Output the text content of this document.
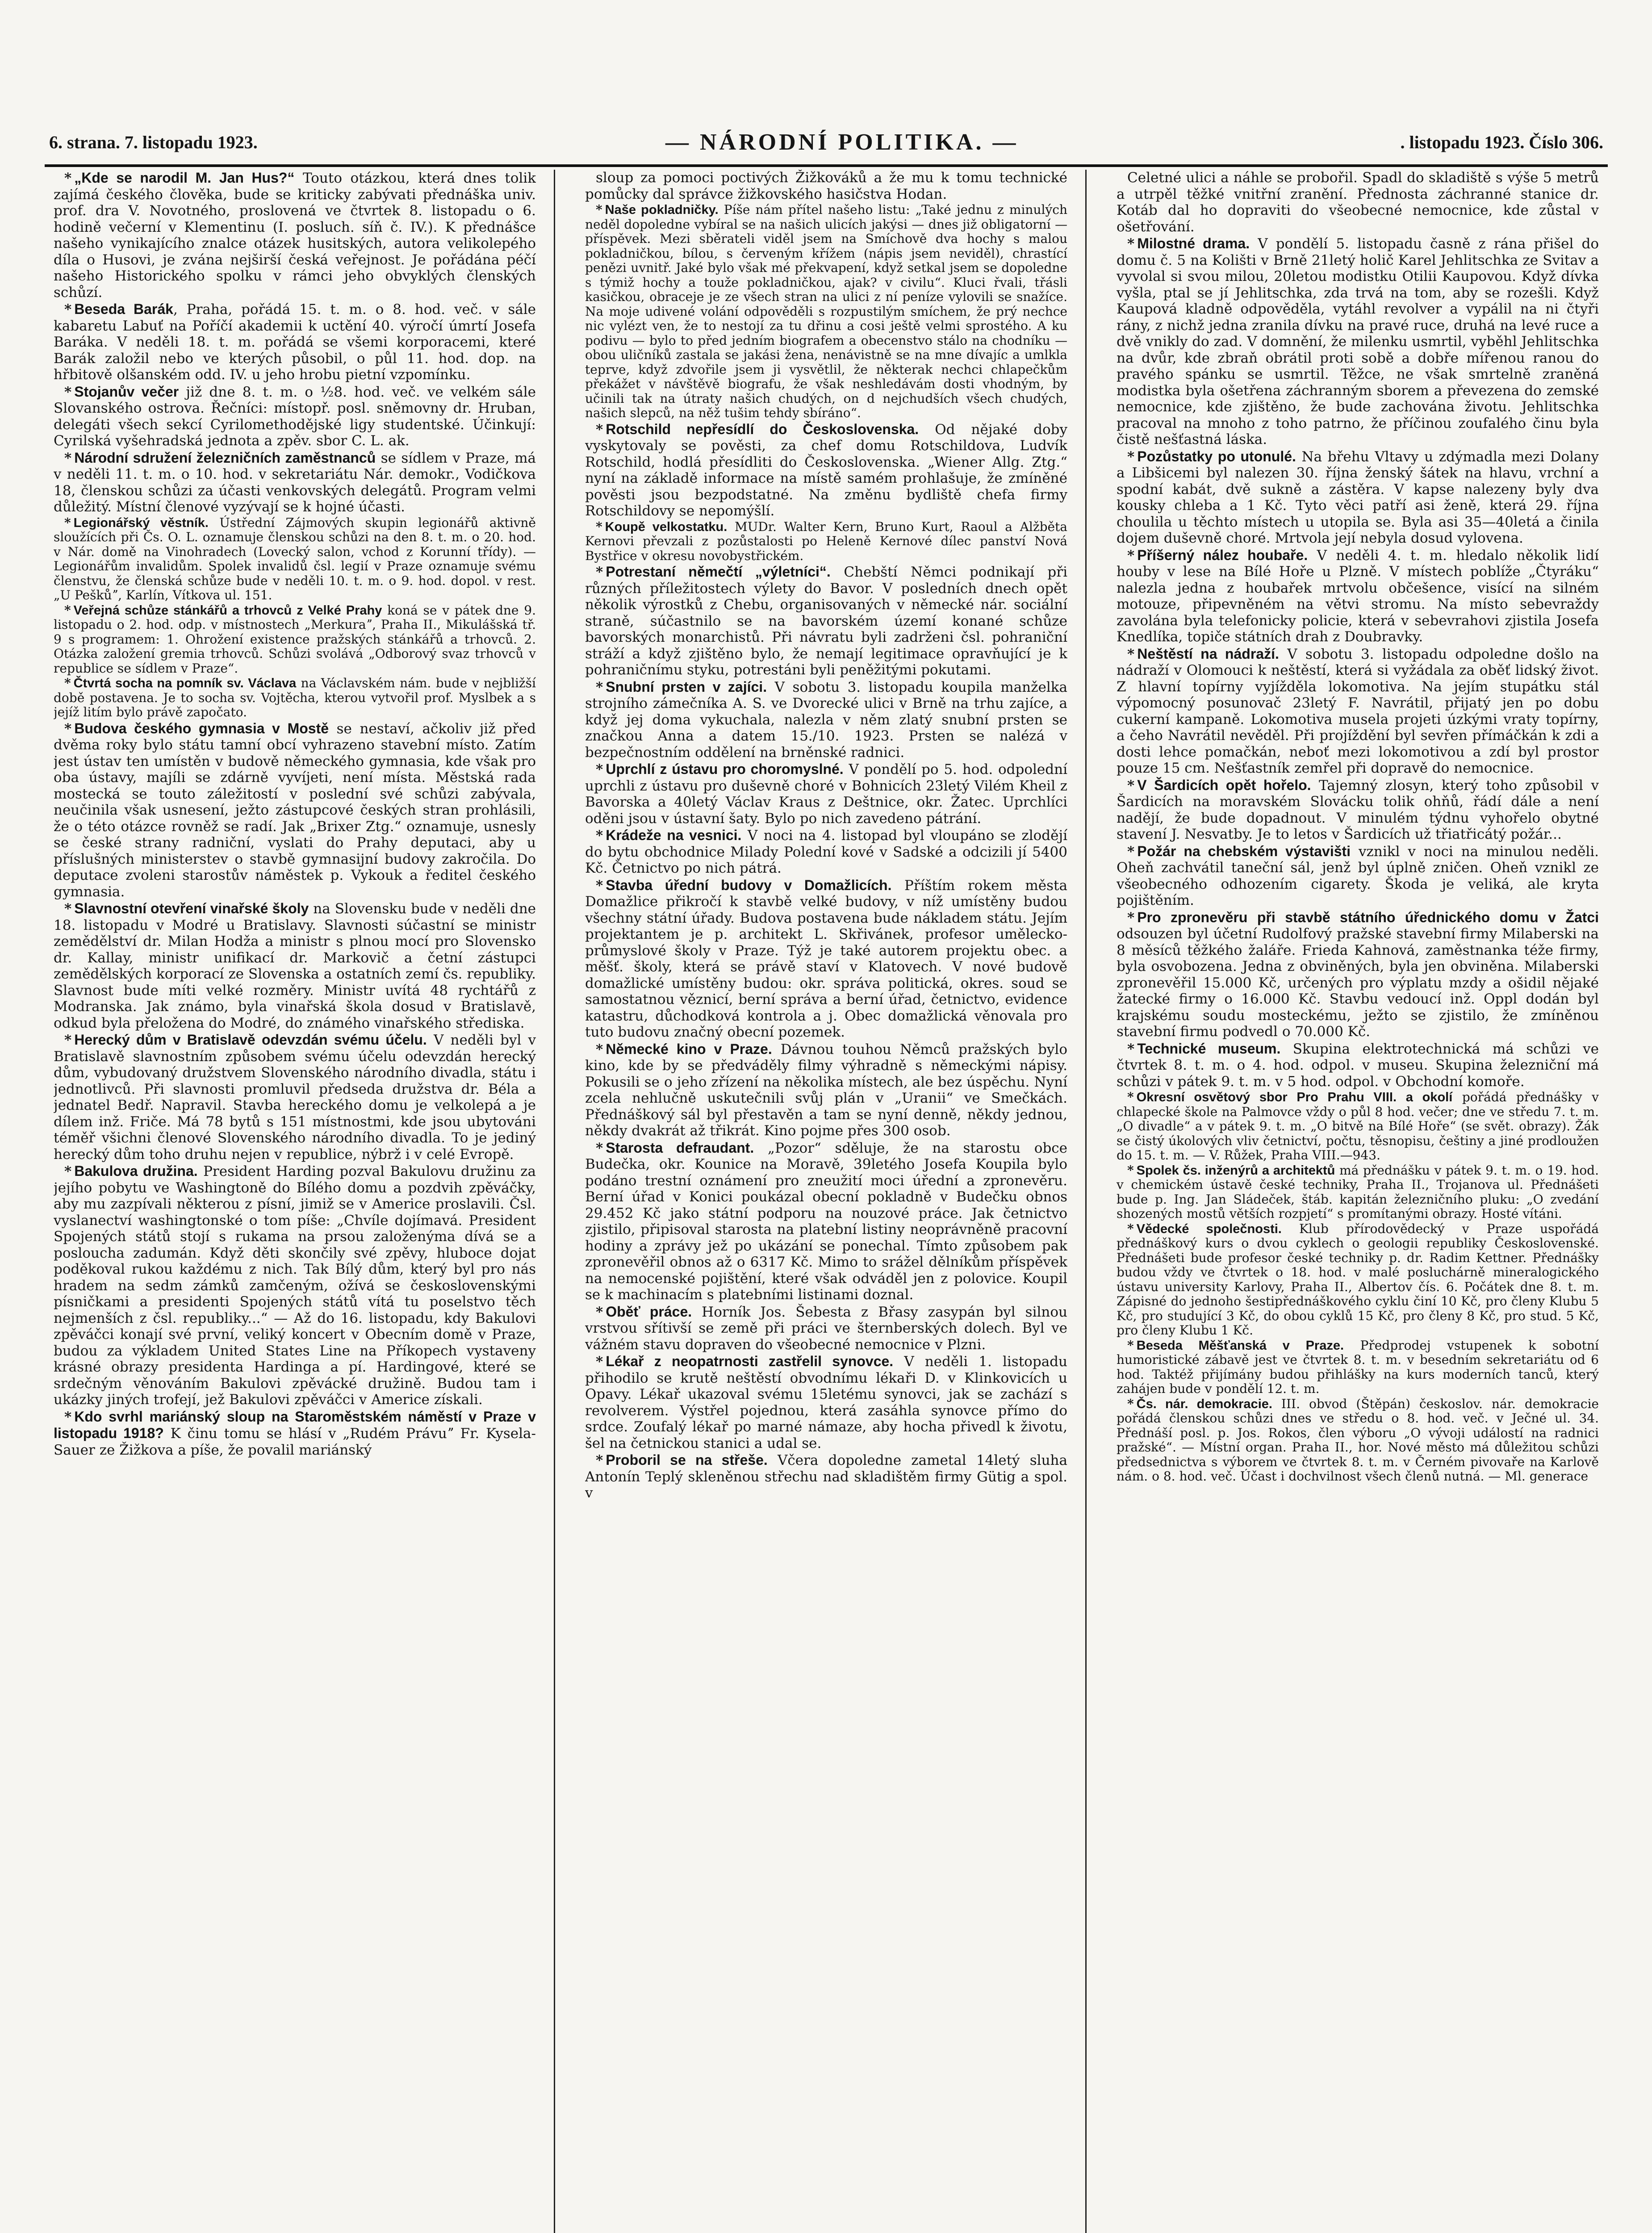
6. strana. 7. listopadu 1923.	— NÁRODNÍ POLITIKA. —	. listopadu 1923. Číslo 306.

* „Kde se narodil M. Jan Hus?“ Touto otázkou, která dnes tolik zajímá českého člověka, bude se kriticky zabývati přednáška univ. prof. dra V. Novotného, proslovená ve čtvrtek 8. listopadu o 6. hodině večerní v Klementinu (I. posluch. síň č. IV.). K přednášce našeho vynikajícího znalce otázek husitských, autora velikolepého díla o Husovi, je zvána nejširší česká veřejnost. Je pořádána péčí našeho Historického spolku v rámci jeho obvyklých členských schůzí.

* Beseda Barák, Praha, pořádá 15. t. m. o 8. hod. več. v sále kabaretu Labuť na Poříčí akademii k uctění 40. výročí úmrtí Josefa Baráka. V neděli 18. t. m. pořádá se všemi korporacemi, které Barák založil nebo ve kterých působil, o půl 11. hod. dop. na hřbitově olšanském odd. IV. u jeho hrobu pietní vzpomínku.

* Stojanův večer již dne 8. t. m. o ½8. hod. več. ve velkém sále Slovanského ostrova. Řečníci: místopř. posl. sněmovny dr. Hruban, delegáti všech sekcí Cyrilomethodějské ligy studentské. Účinkují: Cyrilská vyšehradská jednota a zpěv. sbor C. L. ak.

* Národní sdružení železničních zaměstnanců se sídlem v Praze, má v neděli 11. t. m. o 10. hod. v sekretariátu Nár. demokr., Vodičkova 18, členskou schůzi za účasti venkovských delegátů. Program velmi důležitý. Místní členové vyzývají se k hojné účasti.

* Legionářský věstník. Ústřední Zájmových skupin legionářů aktivně sloužících při Čs. O. L. oznamuje členskou schůzi na den 8. t. m. o 20. hod. v Nár. domě na Vinohradech (Lovecký salon, vchod z Korunní třídy). — Legionářům invalidům. Spolek invalidů čsl. legií v Praze oznamuje svému členstvu, že členská schůze bude v neděli 10. t. m. o 9. hod. dopol. v rest. „U Peškůˮ, Karlín, Vítkova ul. 151.

* Veřejná schůze stánkářů a trhovců z Velké Prahy koná se v pátek dne 9. listopadu o 2. hod. odp. v místnostech „Merkuraˮ, Praha II., Mikulášská tř. 9 s programem: 1. Ohrožení existence pražských stánkářů a trhovců. 2. Otázka založení gremia trhovců. Schůzi svolává „Odborový svaz trhovců v republice se sídlem v Praze“.

* Čtvrtá socha na pomník sv. Václava na Václavském nám. bude v nejbližší době postavena. Je to socha sv. Vojtěcha, kterou vytvořil prof. Myslbek a s jejíž litím bylo právě započato.

* Budova českého gymnasia v Mostě se nestaví, ačkoliv již před dvěma roky bylo státu tamní obcí vyhrazeno stavební místo. Zatím jest ústav ten umístěn v budově německého gymnasia, kde však pro oba ústavy, majíli se zdárně vyvíjeti, není místa. Městská rada mostecká se touto záležitostí v poslední své schůzi zabývala, neučinila však usnesení, ježto zástupcové českých stran prohlásili, že o této otázce rovněž se radí. Jak „Brixer Ztg.“ oznamuje, usnesly se české strany radniční, vyslati do Prahy deputaci, aby u příslušných ministerstev o stavbě gymnasijní budovy zakročila. Do deputace zvoleni starostův náměstek p. Vykouk a ředitel českého gymnasia.

* Slavnostní otevření vinařské školy na Slovensku bude v neděli dne 18. listopadu v Modré u Bratislavy. Slavnosti súčastní se ministr zemědělství dr. Milan Hodža a ministr s plnou mocí pro Slovensko dr. Kallay, ministr unifikací dr. Markovič a četní zástupci zemědělských korporací ze Slovenska a ostatních zemí čs. republiky. Slavnost bude míti velké rozměry. Ministr uvítá 48 rychtářů z Modranska. Jak známo, byla vinařská škola dosud v Bratislavě, odkud byla přeložena do Modré, do známého vinařského střediska.

* Herecký dům v Bratislavě odevzdán svému účelu. V neděli byl v Bratislavě slavnostním způsobem svému účelu odevzdán herecký dům, vybudovaný družstvem Slovenského národního divadla, státu i jednotlivců. Při slavnosti promluvil předseda družstva dr. Béla a jednatel Bedř. Napravil. Stavba hereckého domu je velkolepá a je dílem inž. Friče. Má 78 bytů s 151 místnostmi, kde jsou ubytováni téměř všichni členové Slovenského národního divadla. To je jediný herecký dům toho druhu nejen v republice, nýbrž i v celé Evropě.

* Bakulova družina. President Harding pozval Bakulovu družinu za jejího pobytu ve Washingtoně do Bílého domu a pozdvih zpěváčky, aby mu zazpívali některou z písní, jimiž se v Americe proslavili. Čsl. vyslanectví washingtonské o tom píše: „Chvíle dojímavá. President Spojených států stojí s rukama na prsou založenýma dívá se a posloucha zadumán. Když děti skončily své zpěvy, hluboce dojat poděkoval rukou každému z nich. Tak Bílý dům, který byl pro nás hradem na sedm zámků zamčeným, ožívá se československými písničkami a presidenti Spojených států vítá tu poselstvo těch nejmenších z čsl. republiky...“ — Až do 16. listopadu, kdy Bakulovi zpěváčci konají své první, veliký koncert v Obecním domě v Praze, budou za výkladem United States Line na Příkopech vystaveny krásné obrazy presidenta Hardinga a pí. Hardingové, které se srdečným věnováním Bakulovi zpěvácké družině. Budou tam i ukázky jiných trofejí, jež Bakulovi zpěváčci v Americe získali.

* Kdo svrhl mariánský sloup na Staroměstském náměstí v Praze v listopadu 1918? K činu tomu se hlásí v „Rudém Právuˮ Fr. Kysela-Sauer ze Žižkova a píše, že povalil mariánský

sloup za pomoci poctivých Žižkováků a že mu k tomu technické pomůcky dal správce žižkovského hasičstva Hodan.

* Naše pokladničky. Píše nám přítel našeho listu: „Také jednu z minulých neděl dopoledne vybíral se na našich ulicích jakýsi — dnes již obligatorní — příspěvek. Mezi sběrateli viděl jsem na Smíchově dva hochy s malou pokladničkou, bílou, s červeným křížem (nápis jsem neviděl), chrastící penězi uvnitř. Jaké bylo však mé překvapení, když setkal jsem se dopoledne s týmiž hochy a touže pokladničkou, ajak? v civilu“. Kluci řvali, třásli kasičkou, obraceje je ze všech stran na ulici z ní peníze vylovili se snažíce. Na moje udivené volání odpověděli s rozpustilým smíchem, že prý nechce nic vylézt ven, že to nestojí za tu dřinu a cosi ještě velmi sprostého. A ku podivu — bylo to před jedním biografem a obecenstvo stálo na chodníku — obou uličníků zastala se jakási žena, nenávistně se na mne dívajíc a umlkla teprve, když zdvořile jsem ji vysvětlil, že některak nechci chlapečkům překážet v návštěvě biografu, že však neshledávám dosti vhodným, by učinili tak na útraty našich chudých, on d nejchudších všech chudých, našich slepců, na něž tušim tehdy sbíráno“.

* Rotschild nepřesídlí do Československa. Od nějaké doby vyskytovaly se pověsti, za chef domu Rotschildova, Ludvík Rotschild, hodlá přesídliti do Československa. „Wiener Allg. Ztg.“ nyní na základě informace na místě samém prohlašuje, že zmíněné pověsti jsou bezpodstatné. Na změnu bydliště chefa firmy Rotschildovy se nepomýšlí.

* Koupě velkostatku. MUDr. Walter Kern, Bruno Kurt, Raoul a Alžběta Kernovi převzali z pozůstalosti po Heleně Kernové dílec panství Nová Bystřice v okresu novobystřickém.

* Potrestaní němečtí „výletníci“. Chebští Němci podnikají při různých příležitostech výlety do Bavor. V posledních dnech opět několik výrostků z Chebu, organisovaných v německé nár. sociální straně, súčastnilo se na bavorském území konané schůze bavorských monarchistů. Při návratu byli zadrženi čsl. pohraniční stráží a když zjištěno bylo, že nemají legitimace opravňující je k pohraničnímu styku, potrestáni byli peněžitými pokutami.

* Snubní prsten v zajíci. V sobotu 3. listopadu koupila manželka strojního zámečníka A. S. ve Dvorecké ulici v Brně na trhu zajíce, a když jej doma vykuchala, nalezla v něm zlatý snubní prsten se značkou Anna a datem 15./10. 1923. Prsten se nalézá v bezpečnostním oddělení na brněnské radnici.

* Uprchlí z ústavu pro choromyslné. V pondělí po 5. hod. odpolední uprchli z ústavu pro duševně choré v Bohnicích 23letý Vilém Kheil z Bavorska a 40letý Václav Kraus z Deštnice, okr. Žatec. Uprchlíci oděni jsou v ústavní šaty. Bylo po nich zavedeno pátrání.

* Krádeže na vesnici. V noci na 4. listopad byl vloupáno se zlodějí do bytu obchodnice Milady Polední kové v Sadské a odcizili jí 5400 Kč. Četnictvo po nich pátrá.

* Stavba úřední budovy v Domažlicích. Příštím rokem města Domažlice přikročí k stavbě velké budovy, v níž umístěny budou všechny státní úřady. Budova postavena bude nákladem státu. Jejím projektantem je p. architekt L. Skřivánek, profesor umělecko-průmyslové školy v Praze. Týž je také autorem projektu obec. a měšť. školy, která se právě staví v Klatovech. V nové budově domažlické umístěny budou: okr. správa politická, okres. soud se samostatnou věznicí, berní správa a berní úřad, četnictvo, evidence katastru, důchodková kontrola a j. Obec domažlická věnovala pro tuto budovu značný obecní pozemek.

* Německé kino v Praze. Dávnou touhou Němců pražských bylo kino, kde by se předváděly filmy výhradně s německými nápisy. Pokusili se o jeho zřízení na několika místech, ale bez úspěchu. Nyní zcela nehlučně uskutečnili svůj plán v „Uranii“ ve Smečkách. Přednáškový sál byl přestavěn a tam se nyní denně, někdy jednou, někdy dvakrát až třikrát. Kino pojme přes 300 osob.

* Starosta defraudant. „Pozor“ sděluje, že na starostu obce Budečka, okr. Kounice na Moravě, 39letého Josefa Koupila bylo podáno trestní oznámení pro zneužití moci úřední a zpronevěru. Berní úřad v Konici poukázal obecní pokladně v Budečku obnos 29.452 Kč jako státní podporu na nouzové práce. Jak četnictvo zjistilo, připisoval starosta na platební listiny neoprávněně pracovní hodiny a zprávy jež po ukázání se ponechal. Tímto způsobem pak zpronevěřil obnos až o 6317 Kč. Mimo to srážel dělníkům příspěvek na nemocenské pojištění, které však odváděl jen z polovice. Koupil se k machinacím s platebními listinami doznal.

* Oběť práce. Horník Jos. Šebesta z Břasy zasypán byl silnou vrstvou sřítivší se země při práci ve šternberských dolech. Byl ve vážném stavu dopraven do všeobecné nemocnice v Plzni.

* Lékař z neopatrnosti zastřelil synovce. V neděli 1. listopadu přihodilo se krutě neštěstí obvodnímu lékaři D. v Klinkovicích u Opavy. Lékař ukazoval svému 15letému synovci, jak se zachází s revolverem. Výstřel pojednou, která zasáhla synovce přímo do srdce. Zoufalý lékař po marné námaze, aby hocha přivedl k životu, šel na četnickou stanici a udal se.

* Proboril se na střeše. Včera dopoledne zametal 14letý sluha Antonín Teplý skleněnou střechu nad skladištěm firmy Gütig a spol. v

Celetné ulici a náhle se probořil. Spadl do skladiště s výše 5 metrů a utrpěl těžké vnitřní zranění. Přednosta záchranné stanice dr. Kotáb dal ho dopraviti do všeobecné nemocnice, kde zůstal v ošetřování.

* Milostné drama. V pondělí 5. listopadu časně z rána přišel do domu č. 5 na Kolišti v Brně 21letý holič Karel Jehlitschka ze Svitav a vyvolal si svou milou, 20letou modistku Otilii Kaupovou. Když dívka vyšla, ptal se jí Jehlitschka, zda trvá na tom, aby se rozešli. Když Kaupová kladně odpověděla, vytáhl revolver a vypálil na ni čtyři rány, z nichž jedna zranila dívku na pravé ruce, druhá na levé ruce a dvě vnikly do zad. V domnění, že milenku usmrtil, vyběhl Jehlitschka na dvůr, kde zbraň obrátil proti sobě a dobře mířenou ranou do pravého spánku se usmrtil. Těžce, ne však smrtelně zraněná modistka byla ošetřena záchranným sborem a převezena do zemské nemocnice, kde zjištěno, že bude zachována životu. Jehlitschka pracoval na mnoho z toho patrno, že příčinou zoufalého činu byla čistě nešťastná láska.

* Pozůstatky po utonulé. Na břehu Vltavy u zdýmadla mezi Dolany a Libšicemi byl nalezen 30. října ženský šátek na hlavu, vrchní a spodní kabát, dvě sukně a zástěra. V kapse nalezeny byly dva kousky chleba a 1 Kč. Tyto věci patří asi ženě, která 29. října choulila u těchto místech u utopila se. Byla asi 35—40letá a činila dojem duševně choré. Mrtvola její nebyla dosud vylovena.

* Příšerný nález houbaře. V neděli 4. t. m. hledalo několik lidí houby v lese na Bílé Hoře u Plzně. V místech poblíže „Čtyráku“ nalezla jedna z houbařek mrtvolu občešence, visící na silném motouze, připevněném na větvi stromu. Na místo sebevraždy zavolána byla telefonicky policie, která v sebevrahovi zjistila Josefa Knedlíka, topiče státních drah z Doubravky.

* Neštěstí na nádraží. V sobotu 3. listopadu odpoledne došlo na nádraží v Olomouci k neštěstí, která si vyžádala za oběť lidský život. Z hlavní topírny vyjížděla lokomotiva. Na jejím stupátku stál výpomocný posunovač 23letý F. Navrátil, přijatý jen po dobu cukerní kampaně. Lokomotiva musela projeti úzkými vraty topírny, a čeho Navrátil nevěděl. Při projíždění byl sevřen přímáčkán k zdi a dosti lehce pomačkán, neboť mezi lokomotivou a zdí byl prostor pouze 15 cm. Nešťastník zemřel při dopravě do nemocnice.

* V Šardicích opět hořelo. Tajemný zlosyn, který toho způsobil v Šardicích na moravském Slovácku tolik ohňů, řádí dále a není nadějí, že bude dopadnout. V minulém týdnu vyhořelo obytné stavení J. Nesvatby. Je to letos v Šardicích už třiatřicátý požár...

* Požár na chebském výstavišti vznikl v noci na minulou neděli. Oheň zachvátil taneční sál, jenž byl úplně zničen. Oheň vznikl ze všeobecného odhozením cigarety. Škoda je veliká, ale kryta pojištěním.

* Pro zpronevěru při stavbě státního úřednického domu v Žatci odsouzen byl účetní Rudolfový pražské stavební firmy Milaberski na 8 měsíců těžkého žaláře. Frieda Kahnová, zaměstnanka téže firmy, byla osvobozena. Jedna z obviněných, byla jen obviněna. Milaberski zpronevěřil 15.000 Kč, určených pro výplatu mzdy a ošidil nějaké žatecké firmy o 16.000 Kč. Stavbu vedoucí inž. Oppl dodán byl krajskému soudu mosteckému, ježto se zjistilo, že zmíněnou stavební firmu podvedl o 70.000 Kč.

* Technické museum. Skupina elektrotechnická má schůzi ve čtvrtek 8. t. m. o 4. hod. odpol. v museu. Skupina železniční má schůzi v pátek 9. t. m. v 5 hod. odpol. v Obchodní komoře.

* Okresní osvětový sbor Pro Prahu VIII. a okolí pořádá přednášky v chlapecké škole na Palmovce vždy o půl 8 hod. večer; dne ve středu 7. t. m. „O divadle“ a v pátek 9. t. m. „O bitvě na Bílé Hoře“ (se svět. obrazy). Žák se čistý úkolových vliv četnictví, počtu, těsnopisu, češtiny a jiné prodloužen do 15. t. m. — V. Růžek, Praha VIII.—943.

* Spolek čs. inženýrů a architektů má přednášku v pátek 9. t. m. o 19. hod. v chemickém ústavě české techniky, Praha II., Trojanova ul. Přednášeti bude p. Ing. Jan Sládeček, štáb. kapitán železničního pluku: „O zvedání shozených mostů větších rozpjetí“ s promítanými obrazy. Hosté vítáni.

* Vědecké společnosti. Klub přírodovědecký v Praze uspořádá přednáškový kurs o dvou cyklech o geologii republiky Československé. Přednášeti bude profesor české techniky p. dr. Radim Kettner. Přednášky budou vždy ve čtvrtek o 18. hod. v malé posluchárně mineralogického ústavu university Karlovy, Praha II., Albertov čís. 6. Počátek dne 8. t. m. Zápisné do jednoho šestipřednáškového cyklu činí 10 Kč, pro členy Klubu 5 Kč, pro studující 3 Kč, do obou cyklů 15 Kč, pro členy 8 Kč, pro stud. 5 Kč, pro členy Klubu 1 Kč.

* Beseda Měšťanská v Praze. Předprodej vstupenek k sobotní humoristické zábavě jest ve čtvrtek 8. t. m. v besedním sekretariátu od 6 hod. Taktéž přijímány budou přihlášky na kurs moderních tanců, který zahájen bude v pondělí 12. t. m.

* Čs. nár. demokracie. III. obvod (Štěpán) českoslov. nár. demokracie pořádá členskou schůzi dnes ve středu o 8. hod. več. v Ječné ul. 34. Přednáší posl. p. Jos. Rokos, člen výboru „O vývoji událostí na radnici pražské“. — Místní organ. Praha II., hor. Nové město má důležitou schůzi předsednictva s výborem ve čtvrtek 8. t. m. v Černém pivovaře na Karlově nám. o 8. hod. več. Účast i dochvilnost všech členů nutná. — Ml. generace
